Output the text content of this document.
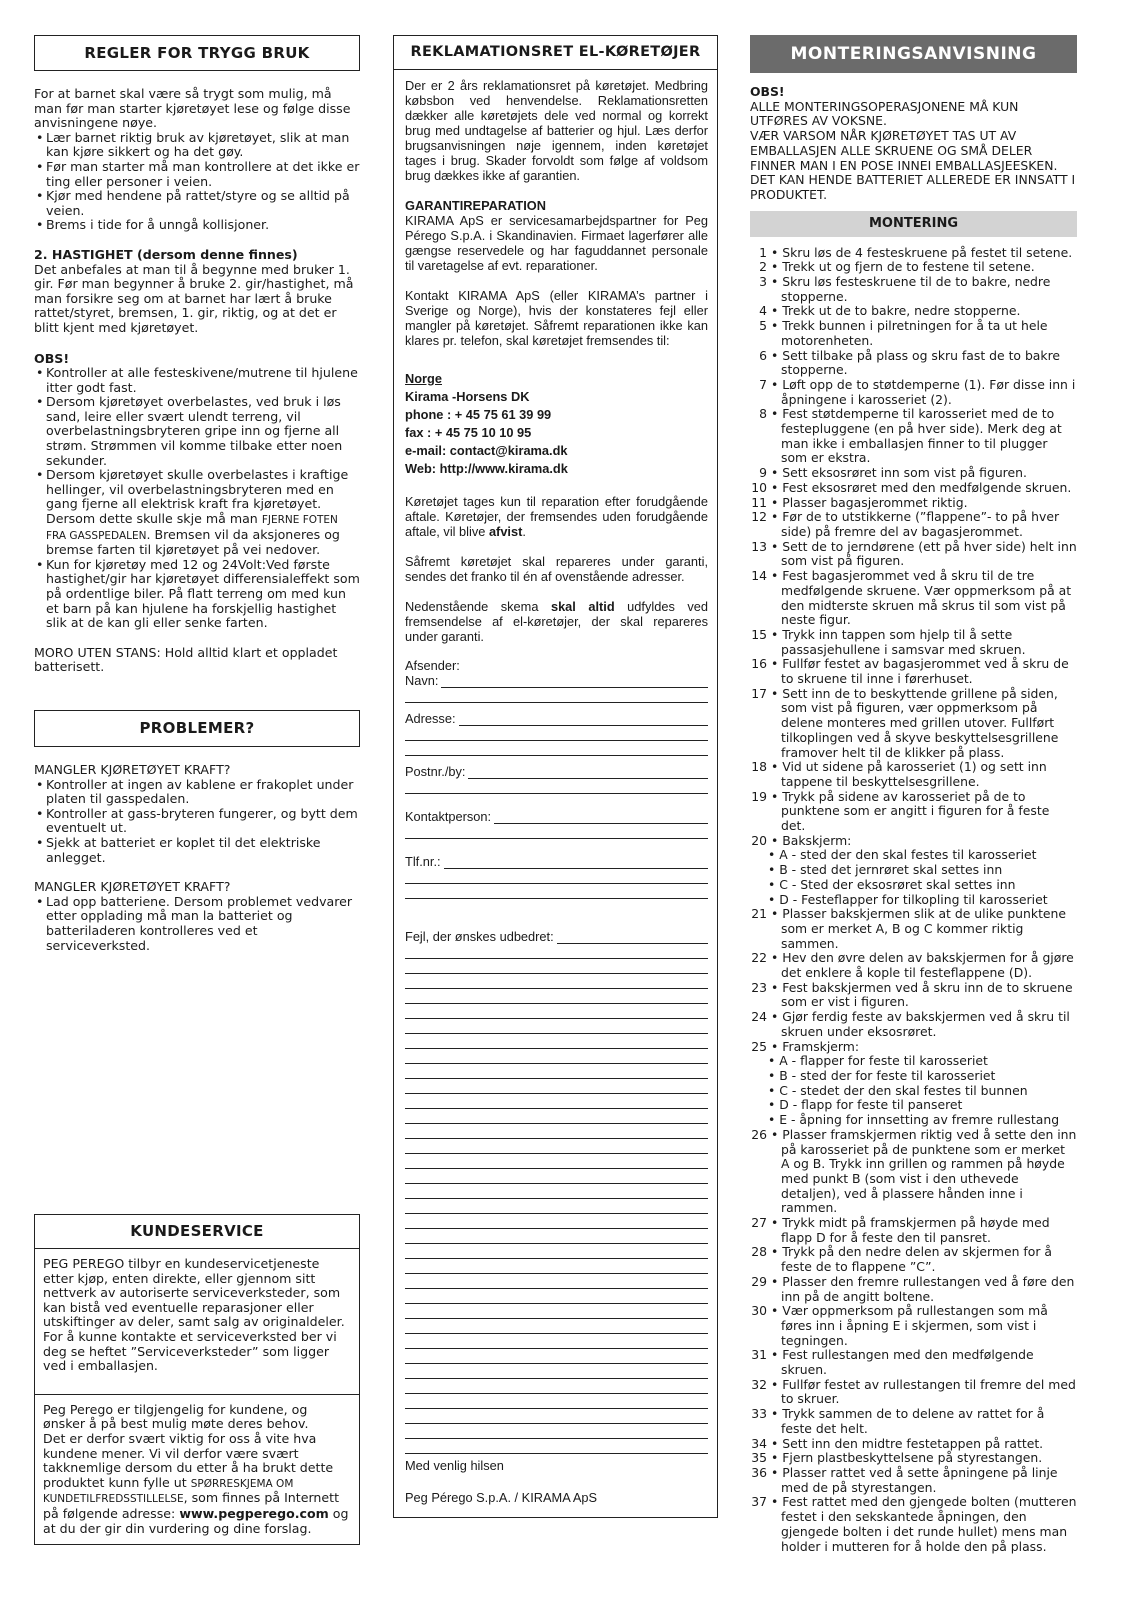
REGLER FOR TRYGG BRUK

For at barnet skal være så trygt som mulig, må man før man starter kjøretøyet lese og følge disse anvisningene nøye.

• Lær barnet riktig bruk av kjøretøyet, slik at man kan kjøre sikkert og ha det gøy.
• Før man starter må man kontrollere at det ikke er ting eller personer i veien.
• Kjør med hendene på rattet/styre og se alltid på veien.
• Brems i tide for å unngå kollisjoner.

2. HASTIGHET (dersom denne finnes)

Det anbefales at man til å begynne med bruker 1. gir. Før man begynner å bruke 2. gir/hastighet, må man forsikre seg om at barnet har lært å bruke rattet/styret, bremsen, 1. gir, riktig, og at det er blitt kjent med kjøretøyet.

OBS!

• Kontroller at alle festeskivene/mutrene til hjulene itter godt fast.
• Dersom kjøretøyet overbelastes, ved bruk i løs sand, leire eller svært ulendt terreng, vil overbelastningsbryteren gripe inn og fjerne all strøm. Strømmen vil komme tilbake etter noen sekunder.
• Dersom kjøretøyet skulle overbelastes i kraftige hellinger, vil overbelastningsbryteren med en gang fjerne all elektrisk kraft fra kjøretøyet. Dersom dette skulle skje må man FJERNE FOTEN FRA GASSPEDALEN. Bremsen vil da aksjoneres og bremse farten til kjøretøyet på vei nedover.
• Kun for kjøretøy med 12 og 24Volt:Ved første hastighet/gir har kjøretøyet differensialeffekt som på ordentlige biler. På flatt terreng om med kun et barn på kan hjulene ha forskjellig hastighet slik at de kan gli eller senke farten.

MORO UTEN STANS: Hold alltid klart et oppladet batterisett.

PROBLEMER?

MANGLER KJØRETØYET KRAFT?

• Kontroller at ingen av kablene er frakoplet under platen til gasspedalen.
• Kontroller at gass-bryteren fungerer, og bytt dem eventuelt ut.
• Sjekk at batteriet er koplet til det elektriske anlegget.

MANGLER KJØRETØYET KRAFT?

• Lad opp batteriene. Dersom problemet vedvarer etter opplading må man la batteriet og batteriladeren kontrolleres ved et serviceverksted.
KUNDESERVICE

PEG PEREGO tilbyr en kundeservicetjeneste etter kjøp, enten direkte, eller gjennom sitt nettverk av autoriserte serviceverksteder, som kan bistå ved eventuelle reparasjoner eller utskiftinger av deler, samt salg av originaldeler. For å kunne kontakte et serviceverksted ber vi deg se heftet ”Serviceverksteder” som ligger ved i emballasjen.

Peg Perego er tilgjengelig for kundene, og ønsker å på best mulig møte deres behov.
Det er derfor svært viktig for oss å vite hva kundene mener. Vi vil derfor være svært takknemlige dersom du etter å ha brukt dette produktet kunn fylle ut SPØRRESKJEMA OM KUNDETILFREDSSTILLELSE, som finnes på Internett på følgende adresse: www.pegperego.com og at du der gir din vurdering og dine forslag.
REKLAMATIONSRET EL-KØRETØJER

Der er 2 års reklamationsret på køretøjet. Medbring købsbon ved henvendelse. Reklamationsretten dækker alle køretøjets dele ved normal og korrekt brug med undtagelse af batterier og hjul. Læs derfor brugsanvisningen nøje igennem, inden køretøjet tages i brug. Skader forvoldt som følge af voldsom brug dækkes ikke af garantien.

GARANTIREPARATION

KIRAMA ApS er servicesamarbejdspartner for Peg Pérego S.p.A. i Skandinavien. Firmaet lagerfører alle gængse reservedele og har faguddannet personale til varetagelse af evt. reparationer.

Kontakt KIRAMA ApS (eller KIRAMA’s partner i Sverige og Norge), hvis der konstateres fejl eller mangler på køretøjet. Såfremt reparationen ikke kan klares pr. telefon, skal køretøjet fremsendes til:

Norge

Kirama -Horsens DK

phone : + 45 75 61 39 99

fax : + 45 75 10 10 95

e-mail: contact@kirama.dk

Web: http://www.kirama.dk

Køretøjet tages kun til reparation efter forudgående aftale. Køretøjer, der fremsendes uden forudgående aftale, vil blive afvist.

Såfremt køretøjet skal repareres under garanti, sendes det franko til én af ovenstående adresser.

Nedenstående skema skal altid udfyldes ved fremsendelse af el-køretøjer, der skal repareres under garanti.

Afsender:

Navn:
Adresse:
Postnr./by:
Kontaktperson:
Tlf.nr.:
Fejl, der ønskes udbedret:
Med venlig hilsen
Peg Pérego S.p.A. / KIRAMA ApS
MONTERINGSANVISNING

OBS!

ALLE MONTERINGSOPERASJONENE MÅ KUN UTFØRES AV VOKSNE.
VÆR VARSOM NÅR KJØRETØYET TAS UT AV EMBALLASJEN ALLE SKRUENE OG SMÅ DELER FINNER MAN I EN POSE INNEI EMBALLASJEESKEN.
DET KAN HENDE BATTERIET ALLEREDE ER INNSATT I PRODUKTET.

MONTERING
1 • Skru løs de 4 festeskruene på festet til setene.
2 • Trekk ut og fjern de to festene til setene.
3 • Skru løs festeskruene til de to bakre, nedre stopperne.
4 • Trekk ut de to bakre, nedre stopperne.
5 • Trekk bunnen i pilretningen for å ta ut hele motorenheten.
6 • Sett tilbake på plass og skru fast de to bakre stopperne.
7 • Løft opp de to støtdemperne (1). Før disse inn i åpningene i karosseriet (2).
8 • Fest støtdemperne til karosseriet med de to festepluggene (en på hver side). Merk deg at man ikke i emballasjen finner to til plugger som er ekstra.
9 • Sett eksosrøret inn som vist på figuren.
10 • Fest eksosrøret med den medfølgende skruen.
11 • Plasser bagasjerommet riktig.
12 • Før de to utstikkerne (”flappene”- to på hver side) på fremre del av bagasjerommet.
13 • Sett de to jerndørene (ett på hver side) helt inn som vist på figuren.
14 • Fest bagasjerommet ved å skru til de tre medfølgende skruene. Vær oppmerksom på at den midterste skruen må skrus til som vist på neste figur.
15 • Trykk inn tappen som hjelp til å sette passasjehullene i samsvar med skruen.
16 • Fullfør festet av bagasjerommet ved å skru de to skruene til inne i førerhuset.
17 • Sett inn de to beskyttende grillene på siden, som vist på figuren, vær oppmerksom på delene monteres med grillen utover. Fullført tilkoplingen ved å skyve beskyttelsesgrillene framover helt til de klikker på plass.
18 • Vid ut sidene på karosseriet (1) og sett inn tappene til beskyttelsesgrillene.
19 • Trykk på sidene av karosseriet på de to punktene som er angitt i figuren for å feste det.
20 • Bakskjerm:
• A - sted der den skal festes til karosseriet
• B - sted det jernrøret skal settes inn
• C - Sted der eksosrøret skal settes inn
• D - Festeflapper for tilkopling til karosseriet
21 • Plasser bakskjermen slik at de ulike punktene som er merket A, B og C kommer riktig sammen.
22 • Hev den øvre delen av bakskjermen for å gjøre det enklere å kople til festeflappene (D).
23 • Fest bakskjermen ved å skru inn de to skruene som er vist i figuren.
24 • Gjør ferdig feste av bakskjermen ved å skru til skruen under eksosrøret.
25 • Framskjerm:
• A - flapper for feste til karosseriet
• B - sted der for feste til karosseriet
• C - stedet der den skal festes til bunnen
• D - flapp for feste til panseret
• E - åpning for innsetting av fremre rullestang
26 • Plasser framskjermen riktig ved å sette den inn på karosseriet på de punktene som er merket A og B. Trykk inn grillen og rammen på høyde med punkt B (som vist i den uthevede detaljen), ved å plassere hånden inne i rammen.
27 • Trykk midt på framskjermen på høyde med flapp D for å feste den til pansret.
28 • Trykk på den nedre delen av skjermen for å feste de to flappene ”C”.
29 • Plasser den fremre rullestangen ved å føre den inn på de angitt boltene.
30 • Vær oppmerksom på rullestangen som må føres inn i åpning E i skjermen, som vist i tegningen.
31 • Fest rullestangen med den medfølgende skruen.
32 • Fullfør festet av rullestangen til fremre del med to skruer.
33 • Trykk sammen de to delene av rattet for å feste det helt.
34 • Sett inn den midtre festetappen på rattet.
35 • Fjern plastbeskyttelsene på styrestangen.
36 • Plasser rattet ved å sette åpningene på linje med de på styrestangen.
37 • Fest rattet med den gjengede bolten (mutteren festet i den sekskantede åpningen, den gjengede bolten i det runde hullet) mens man holder i mutteren for å holde den på plass.
